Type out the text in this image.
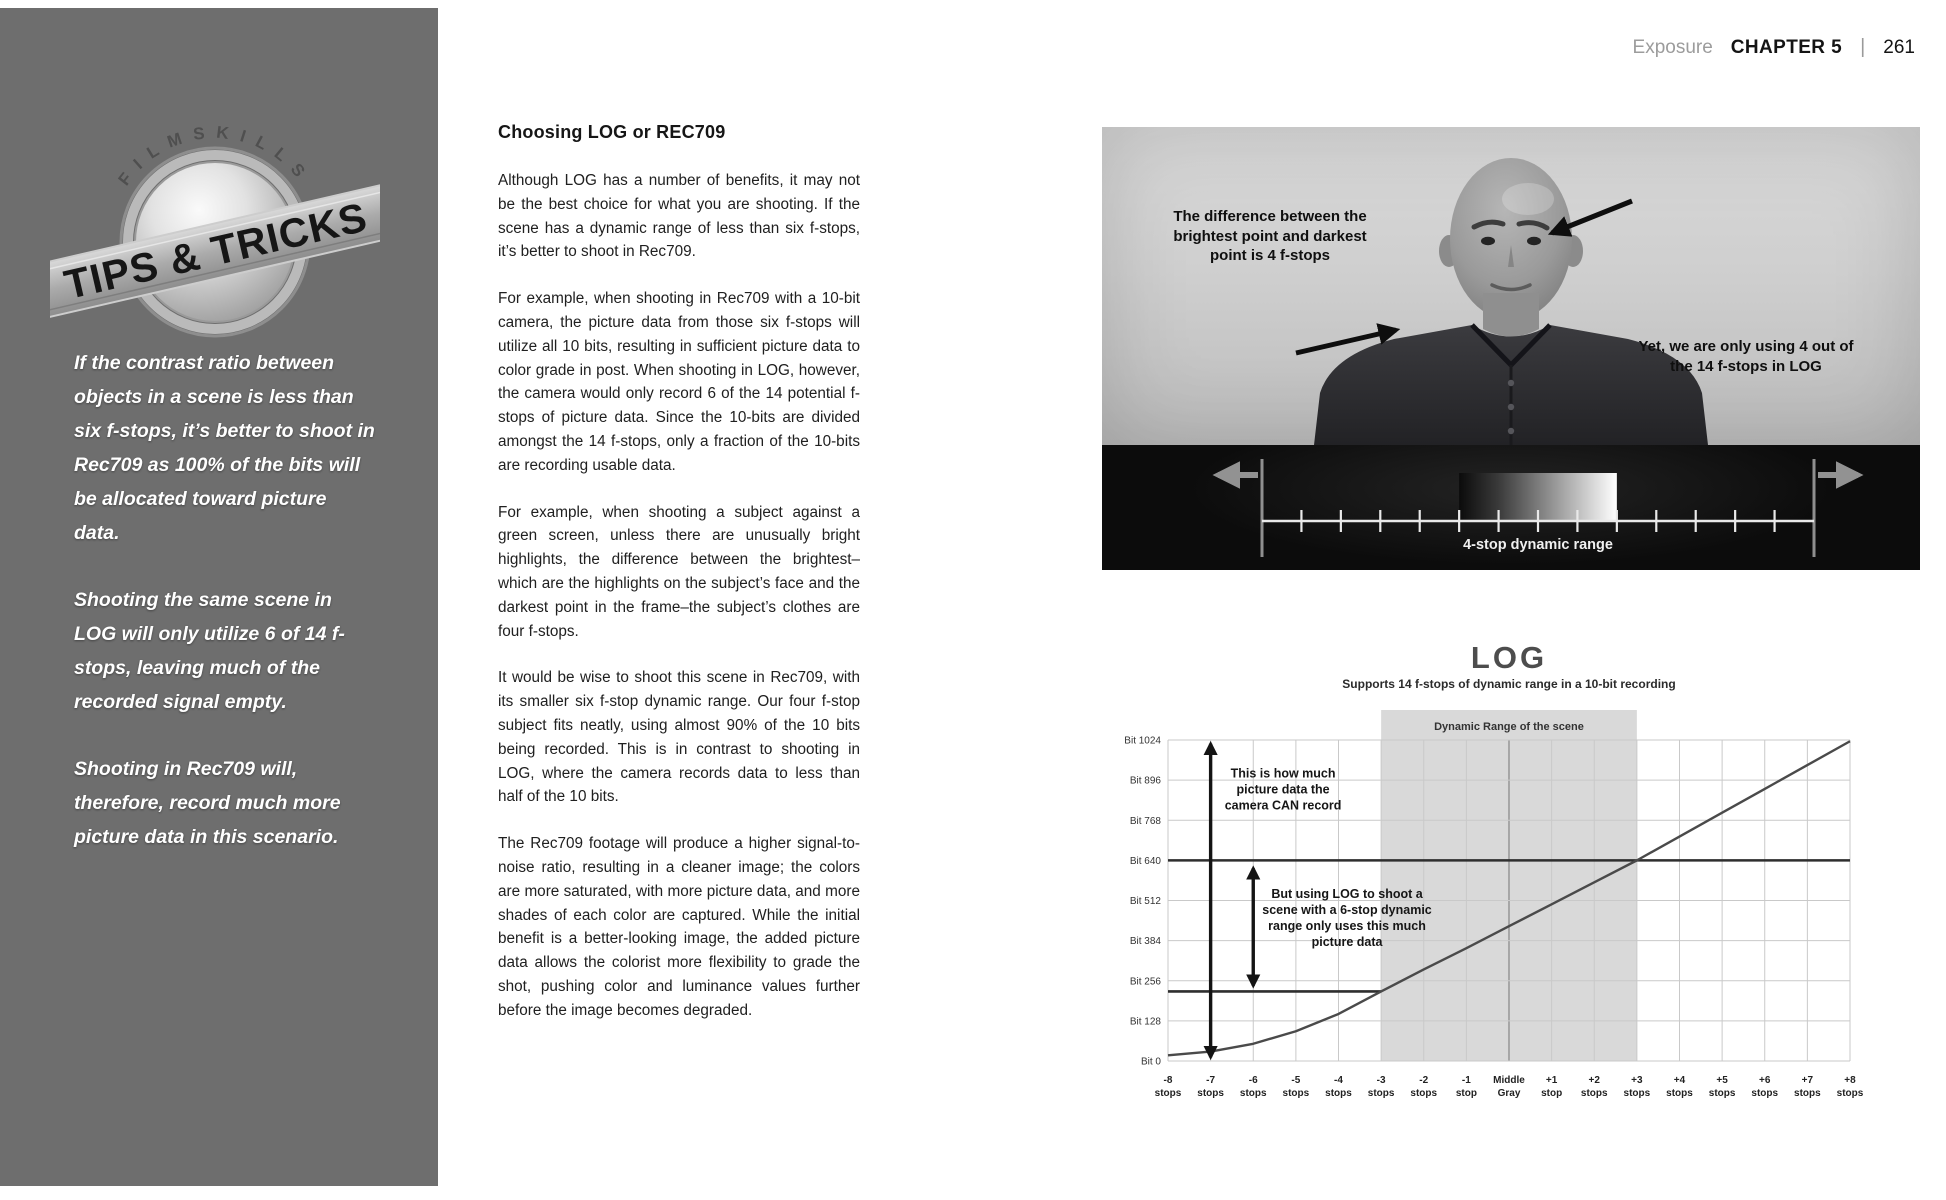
Exposure CHAPTER 5 | 261
FILMSKILLS
TIPS & TRICKS

If the contrast ratio between objects in a scene is less than six f-stops, it’s better to shoot in Rec709 as 100% of the bits will be allocated toward picture data.

Shooting the same scene in LOG will only utilize 6 of 14 f-stops, leaving much of the recorded signal empty.

Shooting in Rec709 will, therefore, record much more picture data in this scenario.

Choosing LOG or REC709

Although LOG has a number of benefits, it may not be the best choice for what you are shooting. If the scene has a dynamic range of less than six f-stops, it’s better to shoot in Rec709.

For example, when shooting in Rec709 with a 10-bit camera, the picture data from those six f-stops will utilize all 10 bits, resulting in sufficient picture data to color grade in post. When shooting in LOG, however, the camera would only record 6 of the 14 potential f-stops of picture data. Since the 10-bits are divided amongst the 14 f-stops, only a fraction of the 10-bits are recording usable data.

For example, when shooting a subject against a green screen, unless there are unusually bright highlights, the difference between the brightest– which are the highlights on the subject’s face and the darkest point in the frame–the subject’s clothes are four f-stops.

It would be wise to shoot this scene in Rec709, with its smaller six f-stop dynamic range. Our four f-stop subject fits neatly, using almost 90% of the 10 bits being recorded. This is in contrast to shooting in LOG, where the camera records data to less than half of the 10 bits.

The Rec709 footage will produce a higher signal-to-noise ratio, resulting in a cleaner image; the colors are more saturated, with more picture data, and more shades of each color are captured. While the initial benefit is a better-looking image, the added picture data allows the colorist more flexibility to grade the shot, pushing color and luminance values further before the image becomes degraded.

The difference between the
brightest point and darkest
point is 4 f-stops
Yet, we are only using 4 out of
the 14 f-stops in LOG
4-stop dynamic range
LOG
Supports 14 f-stops of dynamic range in a 10-bit recording
Dynamic Range of the scene
Bit 1024
Bit 896
Bit 768
Bit 640
Bit 512
Bit 384
Bit 256
Bit 128
Bit 0
-8
stops
-7
stops
-6
stops
-5
stops
-4
stops
-3
stops
-2
stops
-1
stop
Middle
Gray
+1
stop
+2
stops
+3
stops
+4
stops
+5
stops
+6
stops
+7
stops
+8
stops
This is how much
picture data the
camera CAN record
But using LOG to shoot a
scene with a 6-stop dynamic
range only uses this much
picture data
